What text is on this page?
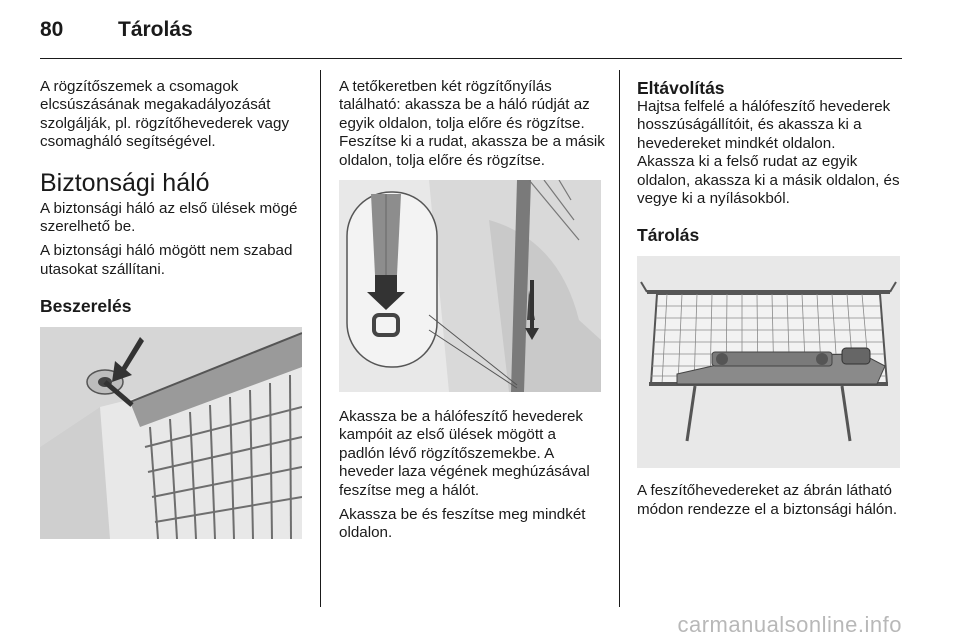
80	Tárolás

A rögzítőszemek a csomagok elcsúszásának megakadályozását szolgálják, pl. rögzítőhevederek vagy csomagháló segítségével.

Biztonsági háló

A biztonsági háló az első ülések mögé szerelhető be.

A biztonsági háló mögött nem szabad utasokat szállítani.

Beszerelés

A tetőkeretben két rögzítőnyílás található: akassza be a háló rúdját az egyik oldalon, tolja előre és rögzítse. Feszítse ki a rudat, akassza be a másik oldalon, tolja előre és rögzítse.

Akassza be a hálófeszítő hevederek kampóit az első ülések mögött a padlón lévő rögzítőszemekbe. A heveder laza végének meghúzásával feszítse meg a hálót.

Akassza be és feszítse meg mindkét oldalon.

Eltávolítás

Hajtsa felfelé a hálófeszítő hevederek hosszúságállítóit, és akassza ki a hevedereket mindkét oldalon.

Akassza ki a felső rudat az egyik oldalon, akassza ki a másik oldalon, és vegye ki a nyílásokból.

Tárolás

A feszítőhevedereket az ábrán látható módon rendezze el a biztonsági hálón.

carmanualsonline.info
